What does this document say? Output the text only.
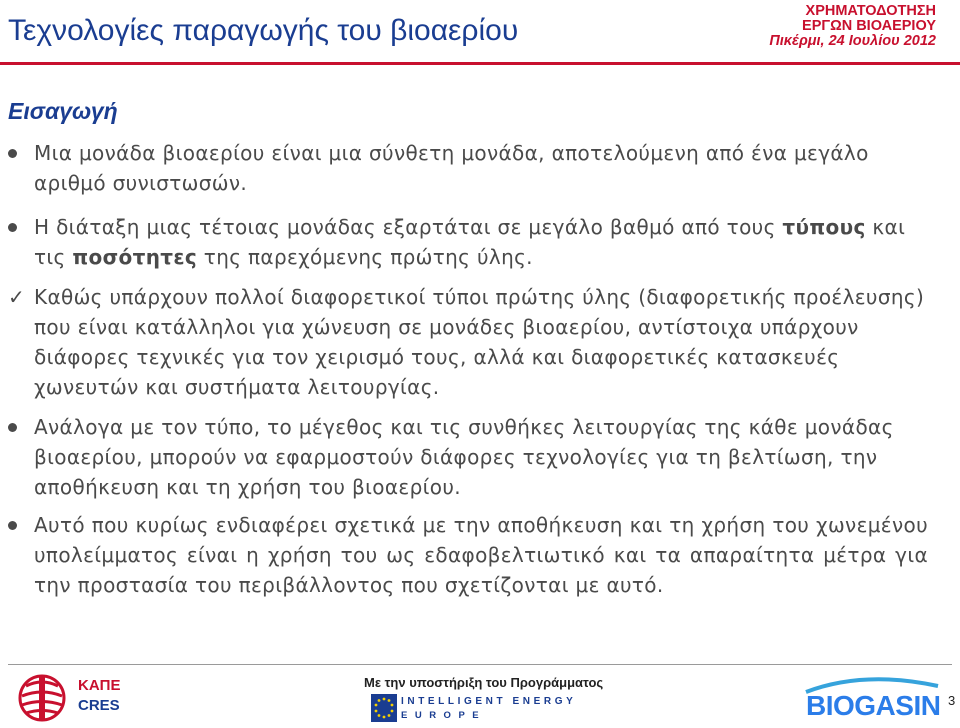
Τεχνολογίες παραγωγής του βιοαερίου
ΧΡΗΜΑΤΟΔΟΤΗΣΗ
ΕΡΓΩΝ ΒΙΟΑΕΡΙΟΥ
Πικέρμι, 24 Ιουλίου 2012
Εισαγωγή

Μια μονάδα βιοαερίου είναι μια σύνθετη μονάδα, αποτελούμενη από ένα μεγάλο αριθμό συνιστωσών.

Η διάταξη μιας τέτοιας μονάδας εξαρτάται σε μεγάλο βαθμό από τους τύπους και τις ποσότητες της παρεχόμενης πρώτης ύλης.

✓ Καθώς υπάρχουν πολλοί διαφορετικοί τύποι πρώτης ύλης (διαφορετικής προέλευσης) που είναι κατάλληλοι για χώνευση σε μονάδες βιοαερίου, αντίστοιχα υπάρχουν διάφορες τεχνικές για τον χειρισμό τους, αλλά και διαφορετικές κατασκευές χωνευτών και συστήματα λειτουργίας.

Ανάλογα με τον τύπο, το μέγεθος και τις συνθήκες λειτουργίας της κάθε μονάδας βιοαερίου, μπορούν να εφαρμοστούν διάφορες τεχνολογίες για τη βελτίωση, την αποθήκευση και τη χρήση του βιοαερίου.

Αυτό που κυρίως ενδιαφέρει σχετικά με την αποθήκευση και τη χρήση του χωνεμένου υπολείμματος είναι η χρήση του ως εδαφοβελτιωτικό και τα απαραίτητα μέτρα για την προστασία του περιβάλλοντος που σχετίζονται με αυτό.

ΚΑΠΕ
CRES
Με την υποστήριξη του Προγράμματος
INTELLIGENT ENERGY
EUROPE	BIOGASIN 3
